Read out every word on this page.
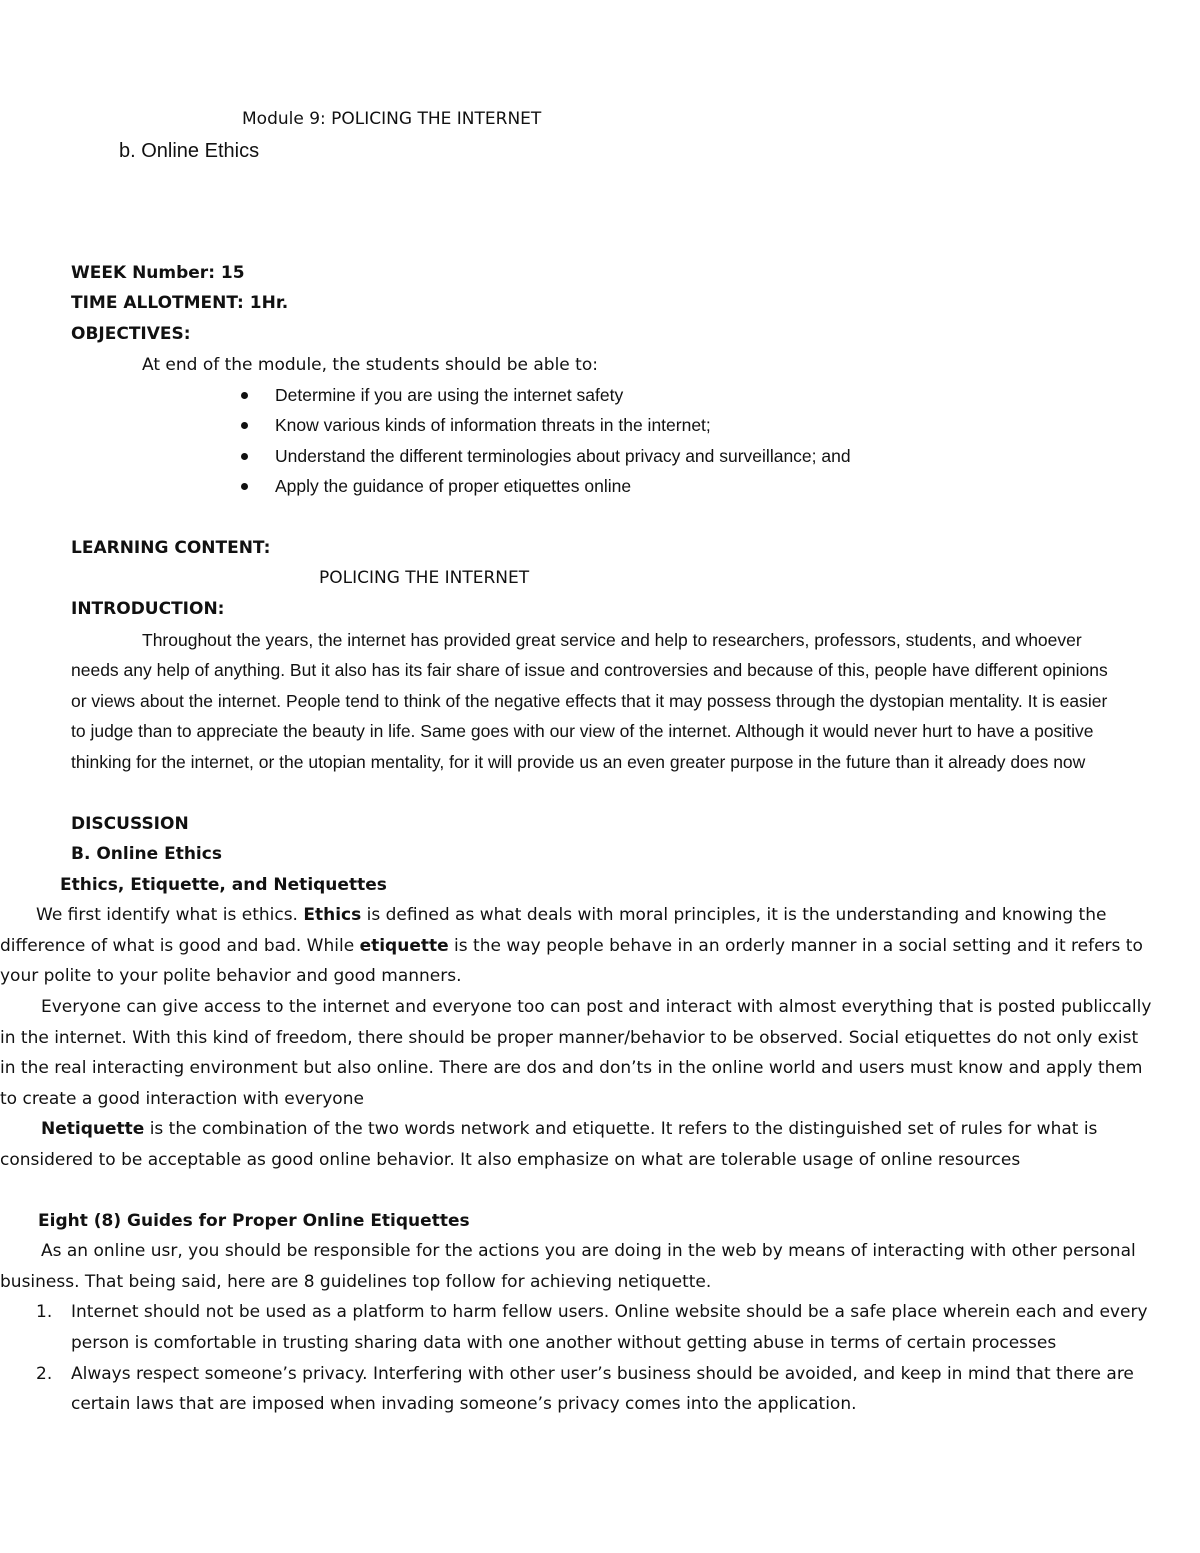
Module 9: POLICING THE INTERNET
b. Online Ethics
WEEK Number: 15
TIME ALLOTMENT: 1Hr.
OBJECTIVES:
At end of the module, the students should be able to:
Determine if you are using the internet safety
Know various kinds of information threats in the internet;
Understand the different terminologies about privacy and surveillance; and
Apply the guidance of proper etiquettes online
LEARNING CONTENT:
POLICING THE INTERNET
INTRODUCTION:
Throughout the years, the internet has provided great service and help to researchers, professors, students, and whoever
needs any help of anything. But it also has its fair share of issue and controversies and because of this, people have different opinions
or views about the internet. People tend to think of the negative effects that it may possess through the dystopian mentality. It is easier
to judge than to appreciate the beauty in life. Same goes with our view of the internet. Although it would never hurt to have a positive
thinking for the internet, or the utopian mentality, for it will provide us an even greater purpose in the future than it already does now
DISCUSSION
B. Online Ethics
Ethics, Etiquette, and Netiquettes
We first identify what is ethics. Ethics is defined as what deals with moral principles, it is the understanding and knowing the
difference of what is good and bad. While etiquette is the way people behave in an orderly manner in a social setting and it refers to
your polite to your polite behavior and good manners.
Everyone can give access to the internet and everyone too can post and interact with almost everything that is posted publiccally
in the internet. With this kind of freedom, there should be proper manner/behavior to be observed. Social etiquettes do not only exist
in the real interacting environment but also online. There are dos and don’ts in the online world and users must know and apply them
to create a good interaction with everyone
Netiquette is the combination of the two words network and etiquette. It refers to the distinguished set of rules for what is
considered to be acceptable as good online behavior. It also emphasize on what are tolerable usage of online resources
Eight (8) Guides for Proper Online Etiquettes
As an online usr, you should be responsible for the actions you are doing in the web by means of interacting with other personal
business. That being said, here are 8 guidelines top follow for achieving netiquette.
1. Internet should not be used as a platform to harm fellow users. Online website should be a safe place wherein each and every
person is comfortable in trusting sharing data with one another without getting abuse in terms of certain processes
2. Always respect someone’s privacy. Interfering with other user’s business should be avoided, and keep in mind that there are
certain laws that are imposed when invading someone’s privacy comes into the application.
